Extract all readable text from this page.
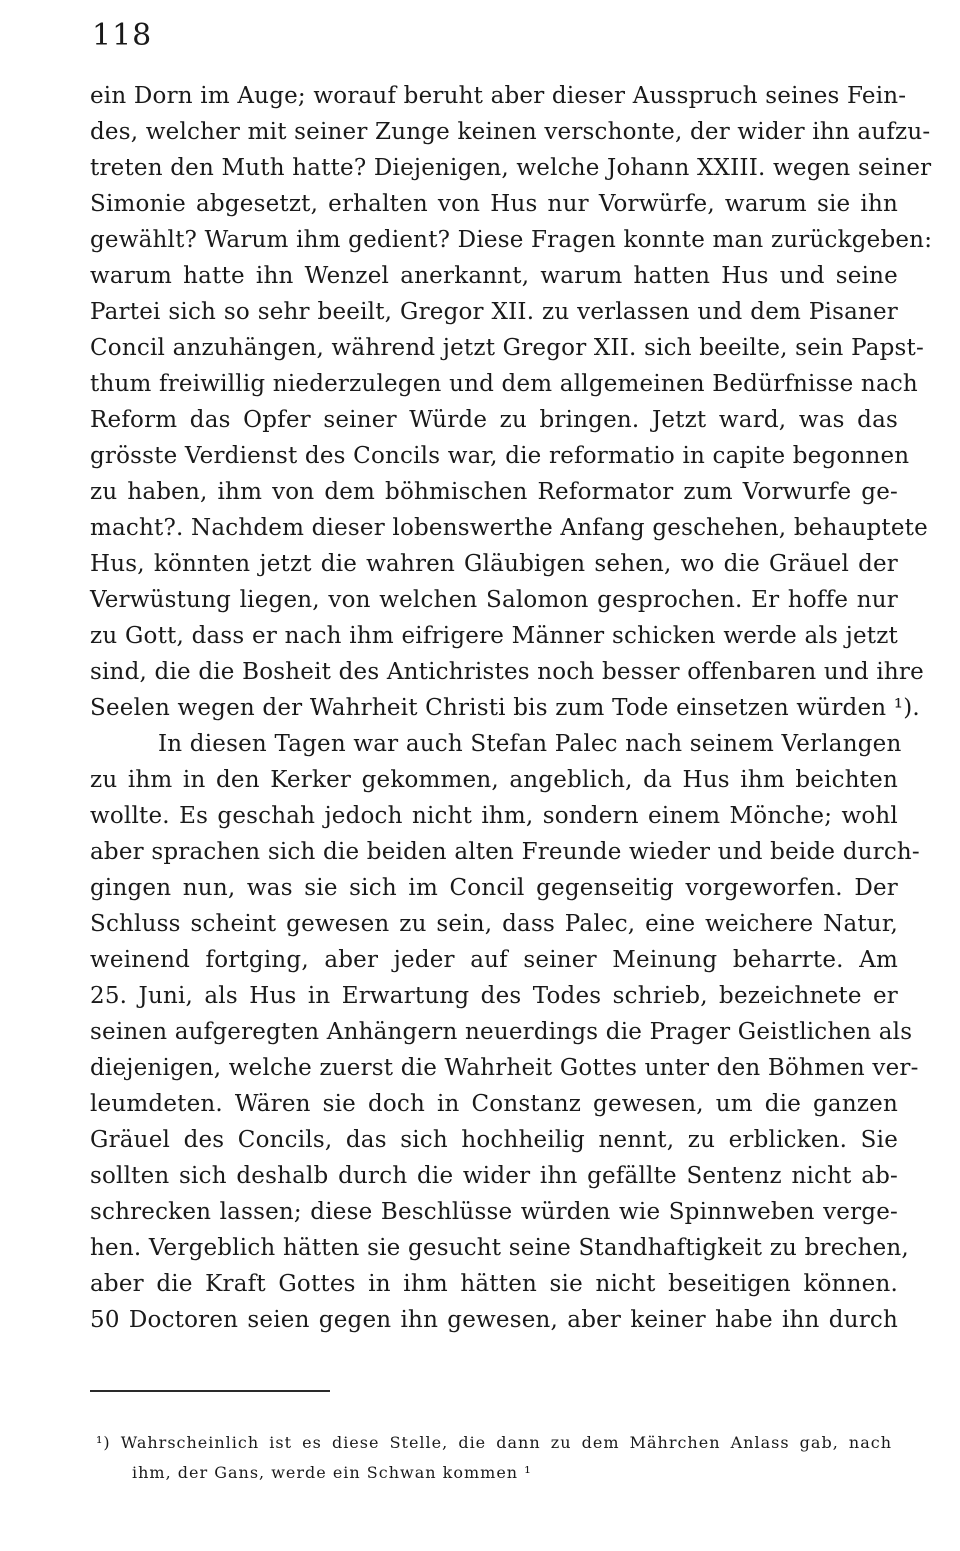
118
ein Dorn im Auge; worauf beruht aber dieser Ausspruch seines Fein-
des, welcher mit seiner Zunge keinen verschonte, der wider ihn aufzu-
treten den Muth hatte? Diejenigen, welche Johann XXIII. wegen seiner
Simonie abgesetzt, erhalten von Hus nur Vorwürfe, warum sie ihn
gewählt? Warum ihm gedient? Diese Fragen konnte man zurückgeben:
warum hatte ihn Wenzel anerkannt, warum hatten Hus und seine
Partei sich so sehr beeilt, Gregor XII. zu verlassen und dem Pisaner
Concil anzuhängen, während jetzt Gregor XII. sich beeilte, sein Papst-
thum freiwillig niederzulegen und dem allgemeinen Bedürfnisse nach
Reform das Opfer seiner Würde zu bringen. Jetzt ward, was das
grösste Verdienst des Concils war, die reformatio in capite begonnen
zu haben, ihm von dem böhmischen Reformator zum Vorwurfe ge-
macht?. Nachdem dieser lobenswerthe Anfang geschehen, behauptete
Hus, könnten jetzt die wahren Gläubigen sehen, wo die Gräuel der
Verwüstung liegen, von welchen Salomon gesprochen. Er hoffe nur
zu Gott, dass er nach ihm eifrigere Männer schicken werde als jetzt
sind, die die Bosheit des Antichristes noch besser offenbaren und ihre
Seelen wegen der Wahrheit Christi bis zum Tode einsetzen würden ¹).
In diesen Tagen war auch Stefan Palec nach seinem Verlangen
zu ihm in den Kerker gekommen, angeblich, da Hus ihm beichten
wollte. Es geschah jedoch nicht ihm, sondern einem Mönche; wohl
aber sprachen sich die beiden alten Freunde wieder und beide durch-
gingen nun, was sie sich im Concil gegenseitig vorgeworfen. Der
Schluss scheint gewesen zu sein, dass Palec, eine weichere Natur,
weinend fortging, aber jeder auf seiner Meinung beharrte. Am
25. Juni, als Hus in Erwartung des Todes schrieb, bezeichnete er
seinen aufgeregten Anhängern neuerdings die Prager Geistlichen als
diejenigen, welche zuerst die Wahrheit Gottes unter den Böhmen ver-
leumdeten. Wären sie doch in Constanz gewesen, um die ganzen
Gräuel des Concils, das sich hochheilig nennt, zu erblicken. Sie
sollten sich deshalb durch die wider ihn gefällte Sentenz nicht ab-
schrecken lassen; diese Beschlüsse würden wie Spinnweben verge-
hen. Vergeblich hätten sie gesucht seine Standhaftigkeit zu brechen,
aber die Kraft Gottes in ihm hätten sie nicht beseitigen können.
50 Doctoren seien gegen ihn gewesen, aber keiner habe ihn durch
¹) Wahrscheinlich ist es diese Stelle, die dann zu dem Mährchen Anlass gab, nach
ihm, der Gans, werde ein Schwan kommen ¹
